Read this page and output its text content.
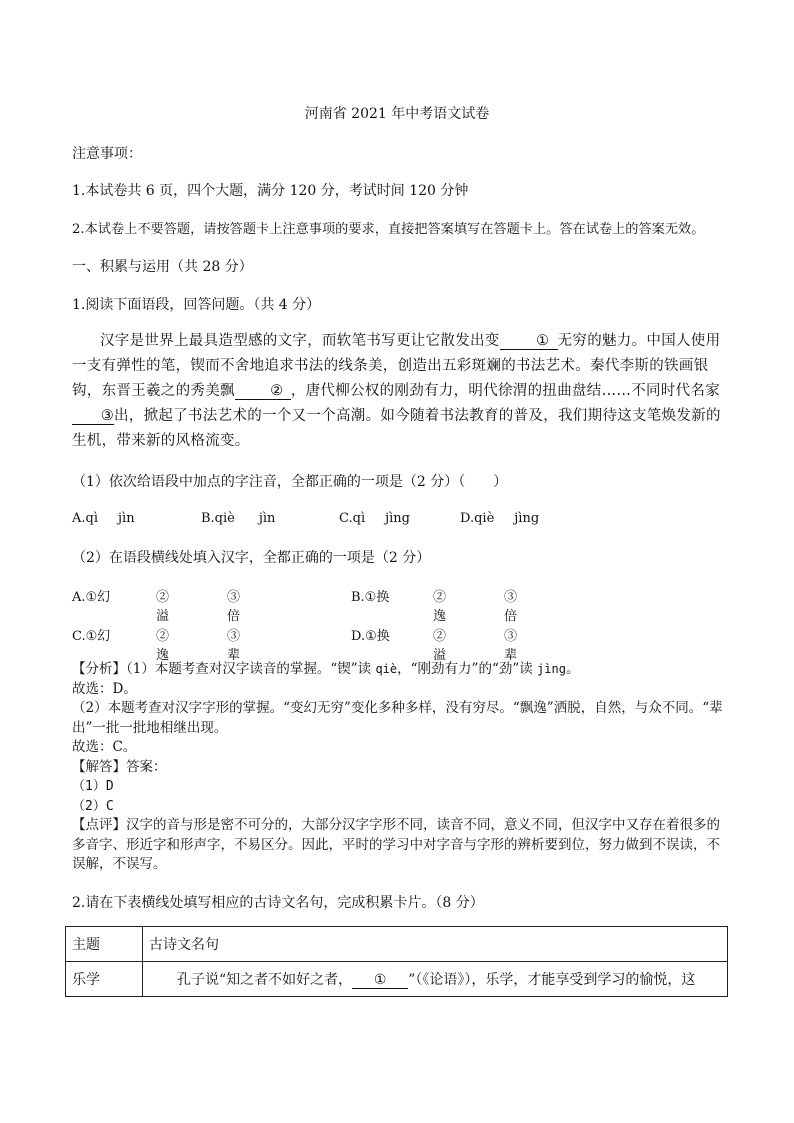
河南省 2021 年中考语文试卷
注意事项：
1.本试卷共 6 页，四个大题，满分 120 分，考试时间 120 分钟
2.本试卷上不要答题，请按答题卡上注意事项的要求，直接把答案填写在答题卡上。答在试卷上的答案无效。
一、积累与运用（共 28 分）
1.阅读下面语段，回答问题。（共 4 分）
汉字是世界上最具造型感的文字，而软笔书写更让它散发出变	① 无穷的魅力。中国人使用一支有弹性的笔，锲而不舍地追求书法的线条美，创造出五彩斑斓的书法艺术。秦代李斯的铁画银钩，东晋王羲之的秀美飘 ② ，唐代柳公权的刚劲有力，明代徐渭的扭曲盘结……不同时代名家③出，掀起了书法艺术的一个又一个高潮。如今随着书法教育的普及，我们期待这支笔焕发新的生机，带来新的风格流变。
（1）依次给语段中加点的字注音，全都正确的一项是（2 分）（　　）
A.qì jìn	B.qiè jìn	C.qì jìng	D.qiè jìng
（2）在语段横线处填入汉字，全都正确的一项是（2 分）
A.①幻	②溢
③倍
B.①换	②逸
③倍
C.①幻	②逸
③辈
D.①换	②溢
③辈
【分析】（1）本题考查对汉字读音的掌握。“锲”读 qiè，“刚劲有力”的“劲”读 jìng。
故选：D。
（2）本题考查对汉字字形的掌握。“变幻无穷”变化多种多样，没有穷尽。“飘逸”洒脱，自然，与众不同。“辈出”一批一批地相继出现。
故选：C。
【解答】答案：
（1）D
（2）C
【点评】汉字的音与形是密不可分的，大部分汉字字形不同，读音不同，意义不同，但汉字中又存在着很多的多音字、形近字和形声字，不易区分。因此，平时的学习中对字音与字形的辨析要到位，努力做到不误读，不误解，不误写。
2.请在下表横线处填写相应的古诗文名句，完成积累卡片。（8 分）
主题	古诗文名句
乐学	孔子说“知之者不如好之者， ① ”（《论语》），乐学，才能享受到学习的愉悦，这
